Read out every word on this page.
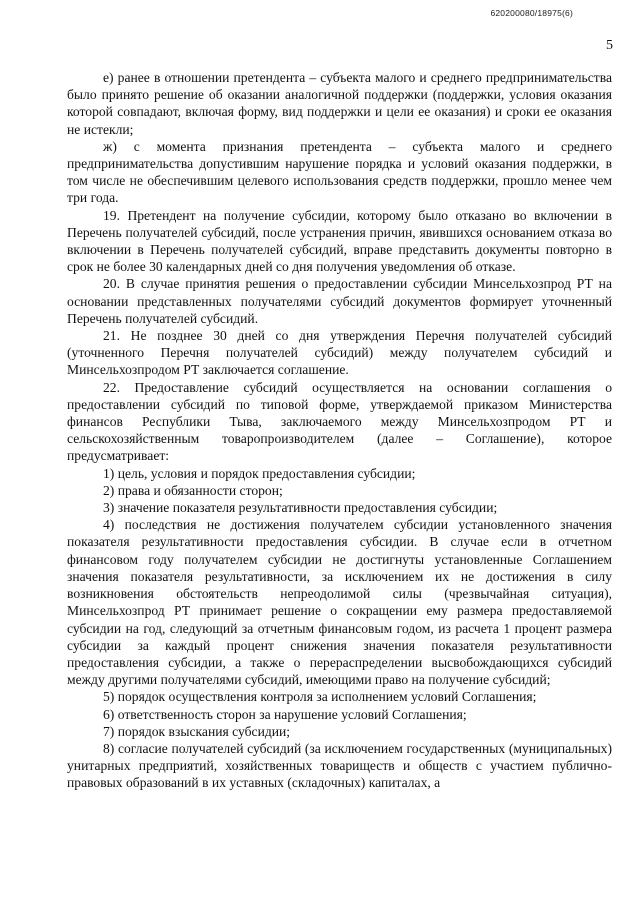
620200080/18975(6)
5

е) ранее в отношении претендента – субъекта малого и среднего предпринимательства было принято решение об оказании аналогичной поддержки (поддержки, условия оказания которой совпадают, включая форму, вид поддержки и цели ее оказания) и сроки ее оказания не истекли;

ж) с момента признания претендента – субъекта малого и среднего предпринимательства допустившим нарушение порядка и условий оказания поддержки, в том числе не обеспечившим целевого использования средств поддержки, прошло менее чем три года.

19. Претендент на получение субсидии, которому было отказано во включении в Перечень получателей субсидий, после устранения причин, явившихся основанием отказа во включении в Перечень получателей субсидий, вправе представить документы повторно в срок не более 30 календарных дней со дня получения уведомления об отказе.

20. В случае принятия решения о предоставлении субсидии Минсельхозпрод РТ на основании представленных получателями субсидий документов формирует уточненный Перечень получателей субсидий.

21. Не позднее 30 дней со дня утверждения Перечня получателей субсидий (уточненного Перечня получателей субсидий) между получателем субсидий и Минсельхозпродом РТ заключается соглашение.

22. Предоставление субсидий осуществляется на основании соглашения о предоставлении субсидий по типовой форме, утверждаемой приказом Министерства финансов Республики Тыва, заключаемого между Минсельхозпродом РТ и сельскохозяйственным товаропроизводителем (далее – Соглашение), которое предусматривает:

1) цель, условия и порядок предоставления субсидии;

2) права и обязанности сторон;

3) значение показателя результативности предоставления субсидии;

4) последствия не достижения получателем субсидии установленного значения показателя результативности предоставления субсидии. В случае если в отчетном финансовом году получателем субсидии не достигнуты установленные Соглашением значения показателя результативности, за исключением их не достижения в силу возникновения обстоятельств непреодолимой силы (чрезвычайная ситуация), Минсельхозпрод РТ принимает решение о сокращении ему размера предоставляемой субсидии на год, следующий за отчетным финансовым годом, из расчета 1 процент размера субсидии за каждый процент снижения значения показателя результативности предоставления субсидии, а также о перераспределении высвобождающихся субсидий между другими получателями субсидий, имеющими право на получение субсидий;

5) порядок осуществления контроля за исполнением условий Соглашения;

6) ответственность сторон за нарушение условий Соглашения;

7) порядок взыскания субсидии;

8) согласие получателей субсидий (за исключением государственных (муниципальных) унитарных предприятий, хозяйственных товариществ и обществ с участием публично-правовых образований в их уставных (складочных) капиталах, а
